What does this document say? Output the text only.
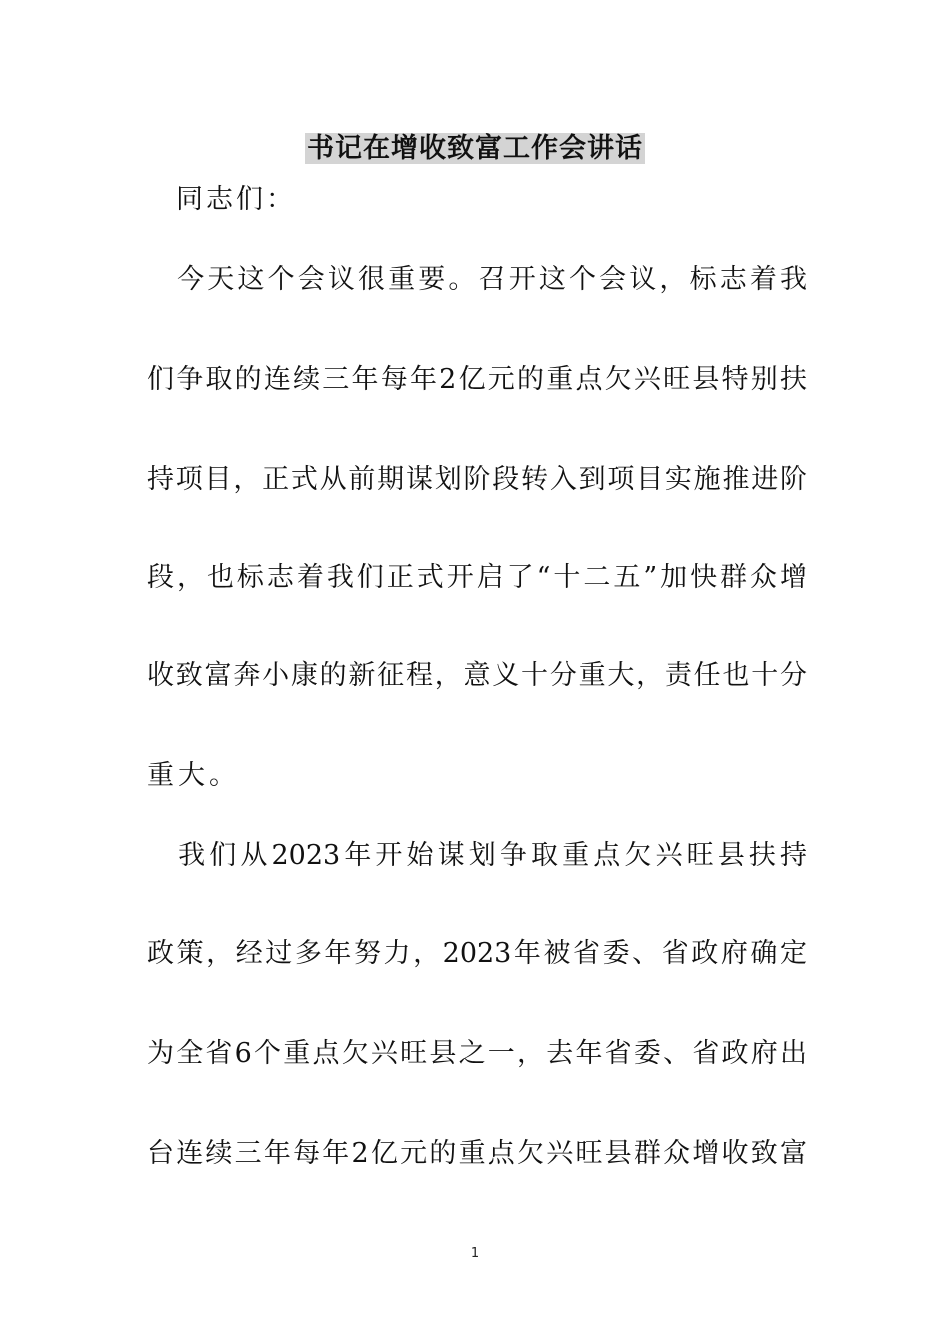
书记在增收致富工作会讲话
同志们：
　今天这个会议很重要。召开这个会议，标志着我
们争取的连续三年每年2亿元的重点欠兴旺县特别扶
持项目，正式从前期谋划阶段转入到项目实施推进阶
段，也标志着我们正式开启了“十二五”加快群众增
收致富奔小康的新征程，意义十分重大，责任也十分
重大。
　我们从2023年开始谋划争取重点欠兴旺县扶持
政策，经过多年努力，2023年被省委、省政府确定
为全省6个重点欠兴旺县之一，去年省委、省政府出
台连续三年每年2亿元的重点欠兴旺县群众增收致富
1
